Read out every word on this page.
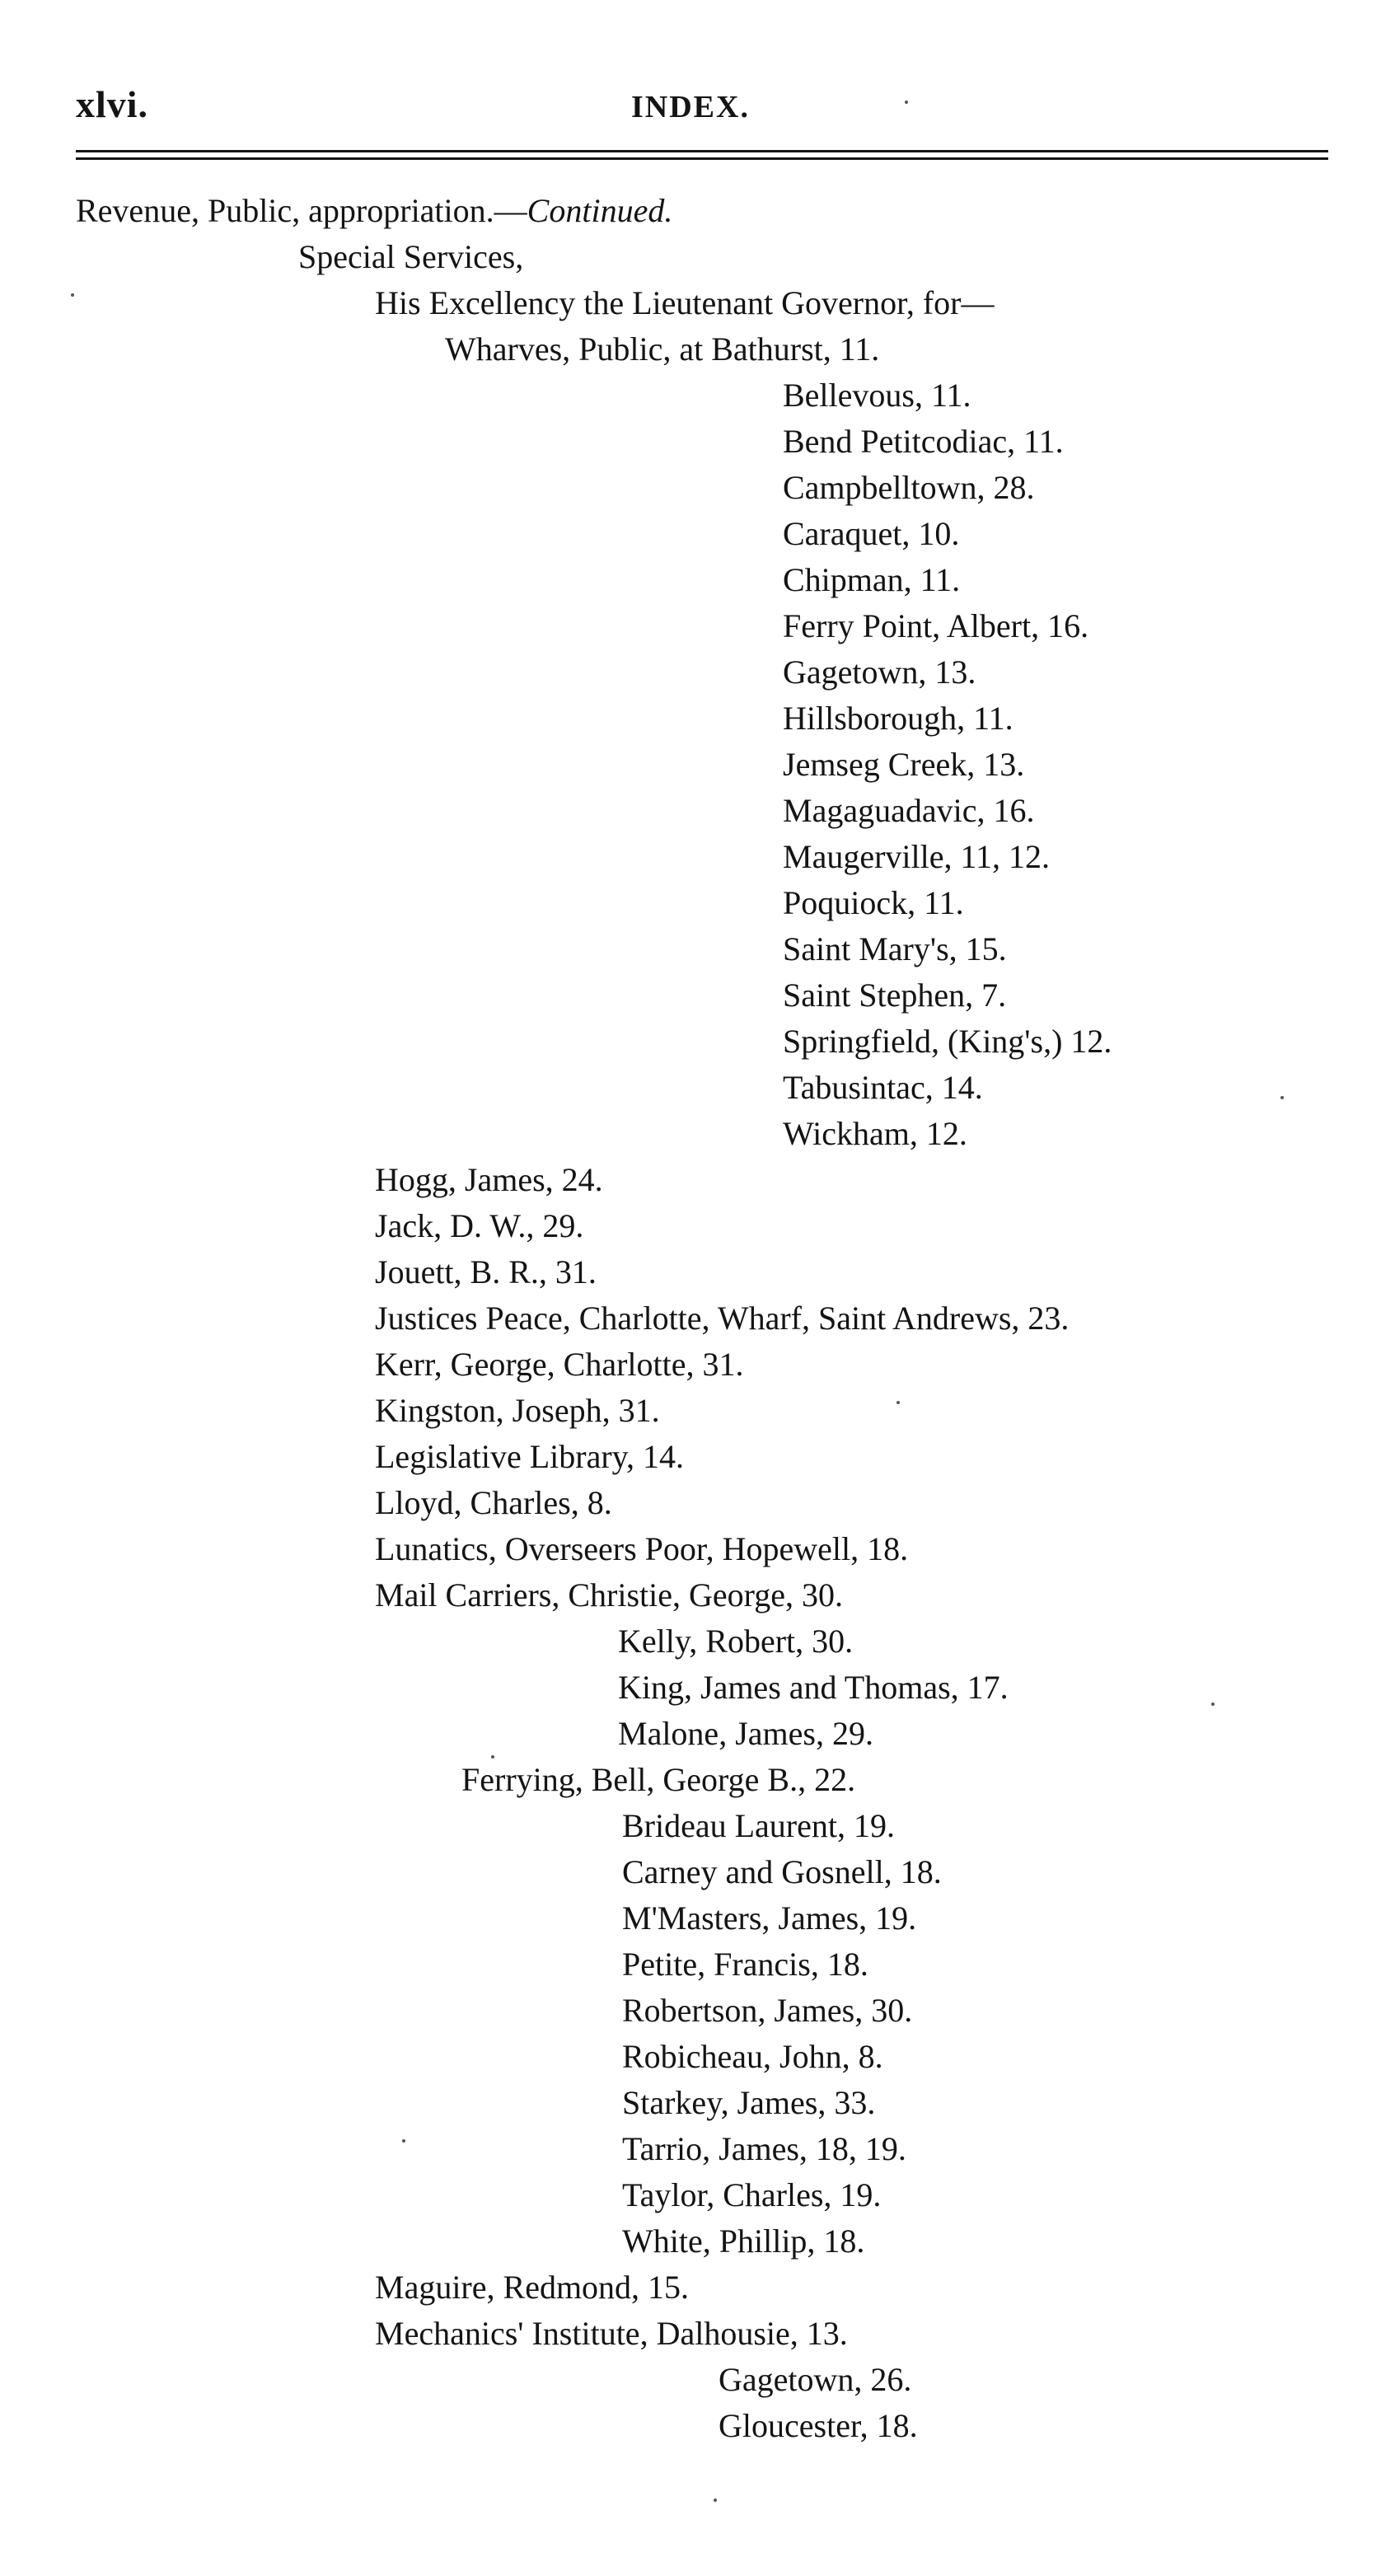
xlvi.	INDEX.
Revenue, Public, appropriation.—Continued.
Special Services,
His Excellency the Lieutenant Governor, for—
Wharves, Public, at Bathurst, 11.
Bellevous, 11.
Bend Petitcodiac, 11.
Campbelltown, 28.
Caraquet, 10.
Chipman, 11.
Ferry Point, Albert, 16.
Gagetown, 13.
Hillsborough, 11.
Jemseg Creek, 13.
Magaguadavic, 16.
Maugerville, 11, 12.
Poquiock, 11.
Saint Mary's, 15.
Saint Stephen, 7.
Springfield, (King's,) 12.
Tabusintac, 14.
Wickham, 12.
Hogg, James, 24.
Jack, D. W., 29.
Jouett, B. R., 31.
Justices Peace, Charlotte, Wharf, Saint Andrews, 23.
Kerr, George, Charlotte, 31.
Kingston, Joseph, 31.
Legislative Library, 14.
Lloyd, Charles, 8.
Lunatics, Overseers Poor, Hopewell, 18.
Mail Carriers, Christie, George, 30.
Kelly, Robert, 30.
King, James and Thomas, 17.
Malone, James, 29.
Ferrying, Bell, George B., 22.
Brideau Laurent, 19.
Carney and Gosnell, 18.
M'Masters, James, 19.
Petite, Francis, 18.
Robertson, James, 30.
Robicheau, John, 8.
Starkey, James, 33.
Tarrio, James, 18, 19.
Taylor, Charles, 19.
White, Phillip, 18.
Maguire, Redmond, 15.
Mechanics' Institute, Dalhousie, 13.
Gagetown, 26.
Gloucester, 18.
